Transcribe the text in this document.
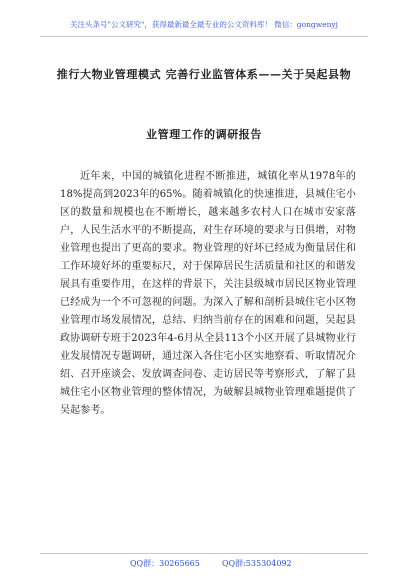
关注头条号"公文研究"，获得最新最全最专业的公文资料库！ 微信：gongwenyj
推行大物业管理模式 完善行业监管体系——关于吴起县物
业管理工作的调研报告

近年来，中国的城镇化进程不断推进，城镇化率从1978年的18%提高到2023年的65%。随着城镇化的快速推进，县城住宅小区的数量和规模也在不断增长，越来越多农村人口在城市安家落户，人民生活水平的不断提高，对生存环境的要求与日俱增，对物业管理也提出了更高的要求。物业管理的好坏已经成为衡量居住和工作环境好坏的重要标尺，对于保障居民生活质量和社区的和谐发展具有重要作用，在这样的背景下，关注县级城市居民区物业管理已经成为一个不可忽视的问题。为深入了解和剖析县城住宅小区物业管理市场发展情况，总结、归纳当前存在的困难和问题，吴起县政协调研专班于2023年4-6月从全县113个小区开展了县城物业行业发展情况专题调研，通过深入各住宅小区实地察看、听取情况介绍、召开座谈会、发放调查问卷、走访居民等考察形式，了解了县城住宅小区物业管理的整体情况，为破解县城物业管理难题提供了吴起参考。

QQ群：30265665	QQ群:535304092
